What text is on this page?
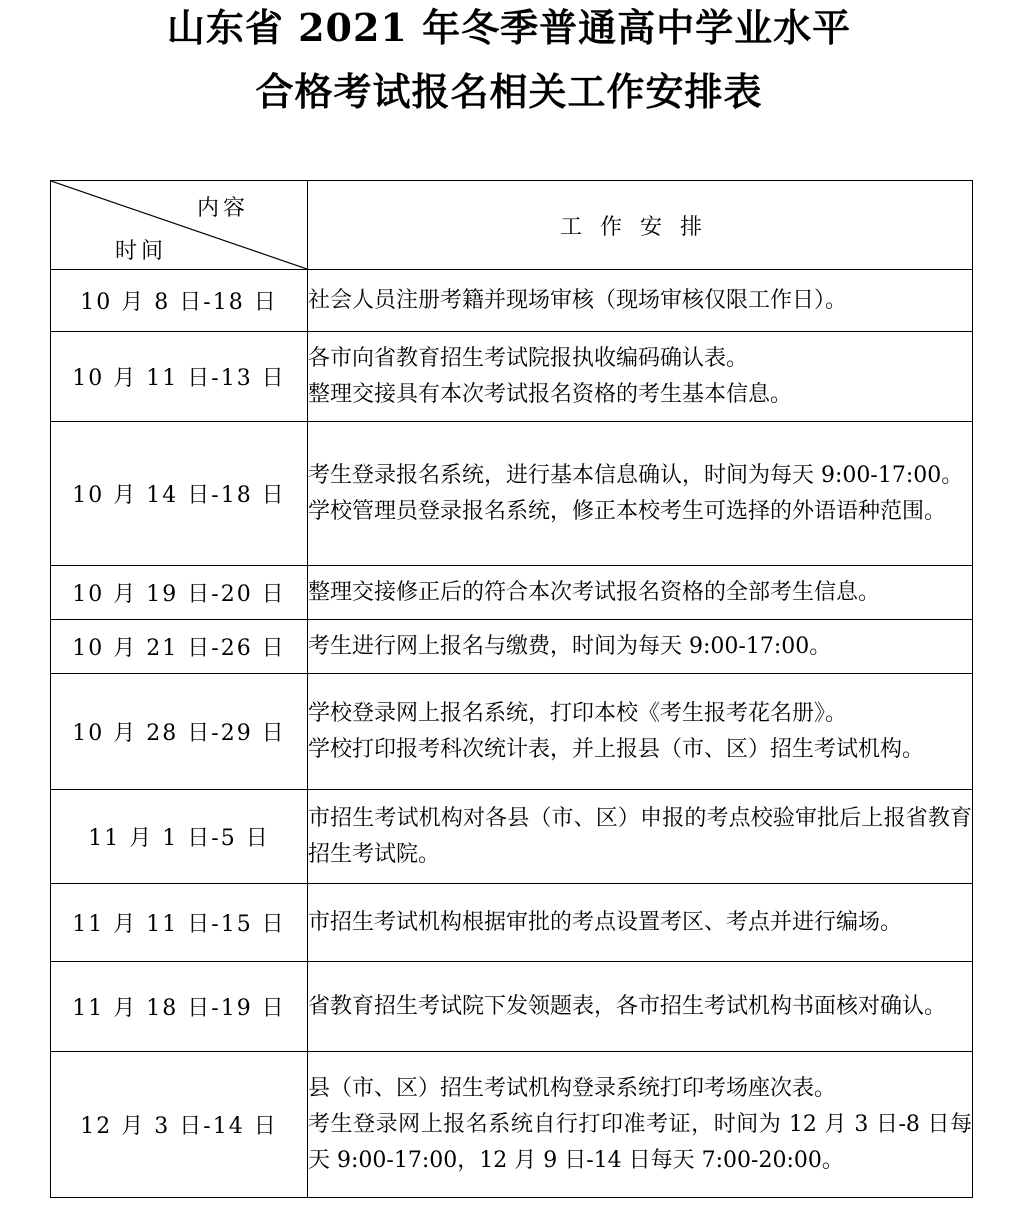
山东省 2021 年冬季普通高中学业水平
合格考试报名相关工作安排表
内容
时间	工作安排
10 月 8 日-18 日	社会人员注册考籍并现场审核（现场审核仅限工作日）。

10 月 11 日-13 日	各市向省教育招生考试院报执收编码确认表。

整理交接具有本次考试报名资格的考生基本信息。

10 月 14 日-18 日	考生登录报名系统，进行基本信息确认，时间为每天 9:00-17:00。

学校管理员登录报名系统，修正本校考生可选择的外语语种范围。

10 月 19 日-20 日	整理交接修正后的符合本次考试报名资格的全部考生信息。

10 月 21 日-26 日	考生进行网上报名与缴费，时间为每天 9:00-17:00。

10 月 28 日-29 日	学校登录网上报名系统，打印本校《考生报考花名册》。

学校打印报考科次统计表，并上报县（市、区）招生考试机构。

11 月 1 日-5 日	市招生考试机构对各县（市、区）申报的考点校验审批后上报省教育招生考试院。

11 月 11 日-15 日	市招生考试机构根据审批的考点设置考区、考点并进行编场。

11 月 18 日-19 日	省教育招生考试院下发领题表，各市招生考试机构书面核对确认。

12 月 3 日-14 日	县（市、区）招生考试机构登录系统打印考场座次表。

考生登录网上报名系统自行打印准考证，时间为 12 月 3 日-8 日每天 9:00-17:00，12 月 9 日-14 日每天 7:00-20:00。
